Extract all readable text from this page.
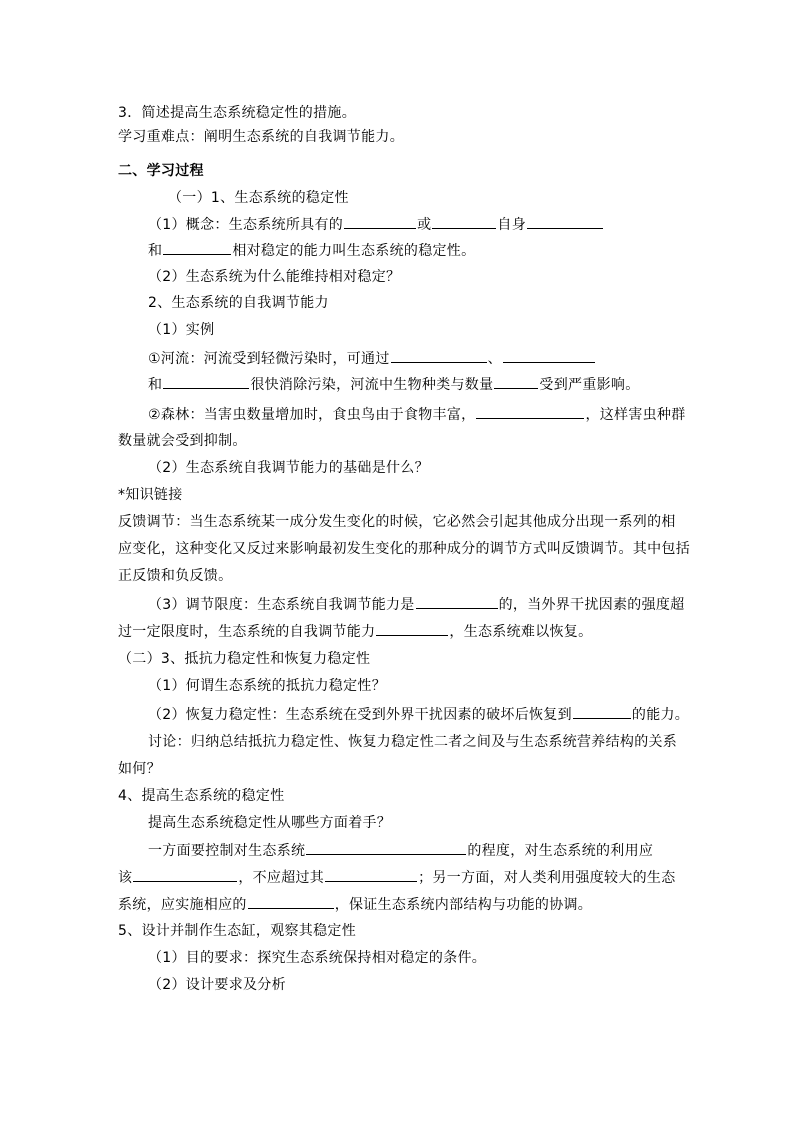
3．简述提高生态系统稳定性的措施。
学习重难点：阐明生态系统的自我调节能力。
二、学习过程
（一）1、生态系统的稳定性
（1）概念：生态系统所具有的	或	自身
和	相对稳定的能力叫生态系统的稳定性。
（2）生态系统为什么能维持相对稳定？
2、生态系统的自我调节能力
（1）实例
①河流：河流受到轻微污染时，可通过	、
和	很快消除污染，河流中生物种类与数量	受到严重影响。
②森林：当害虫数量增加时，食虫鸟由于食物丰富，	，这样害虫种群
数量就会受到抑制。
（2）生态系统自我调节能力的基础是什么？
*知识链接
反馈调节：当生态系统某一成分发生变化的时候，它必然会引起其他成分出现一系列的相
应变化，这种变化又反过来影响最初发生变化的那种成分的调节方式叫反馈调节。其中包括
正反馈和负反馈。
（3）调节限度：生态系统自我调节能力是	的，当外界干扰因素的强度超
过一定限度时，生态系统的自我调节能力	，生态系统难以恢复。
（二）3、抵抗力稳定性和恢复力稳定性
（1）何谓生态系统的抵抗力稳定性？
（2）恢复力稳定性：生态系统在受到外界干扰因素的破坏后恢复到	的能力。
讨论：归纳总结抵抗力稳定性、恢复力稳定性二者之间及与生态系统营养结构的关系
如何？
4、提高生态系统的稳定性
提高生态系统稳定性从哪些方面着手？
一方面要控制对生态系统	的程度，对生态系统的利用应
该	，不应超过其	；另一方面，对人类利用强度较大的生态
系统，应实施相应的	，保证生态系统内部结构与功能的协调。
5、设计并制作生态缸，观察其稳定性
（1）目的要求：探究生态系统保持相对稳定的条件。
（2）设计要求及分析
